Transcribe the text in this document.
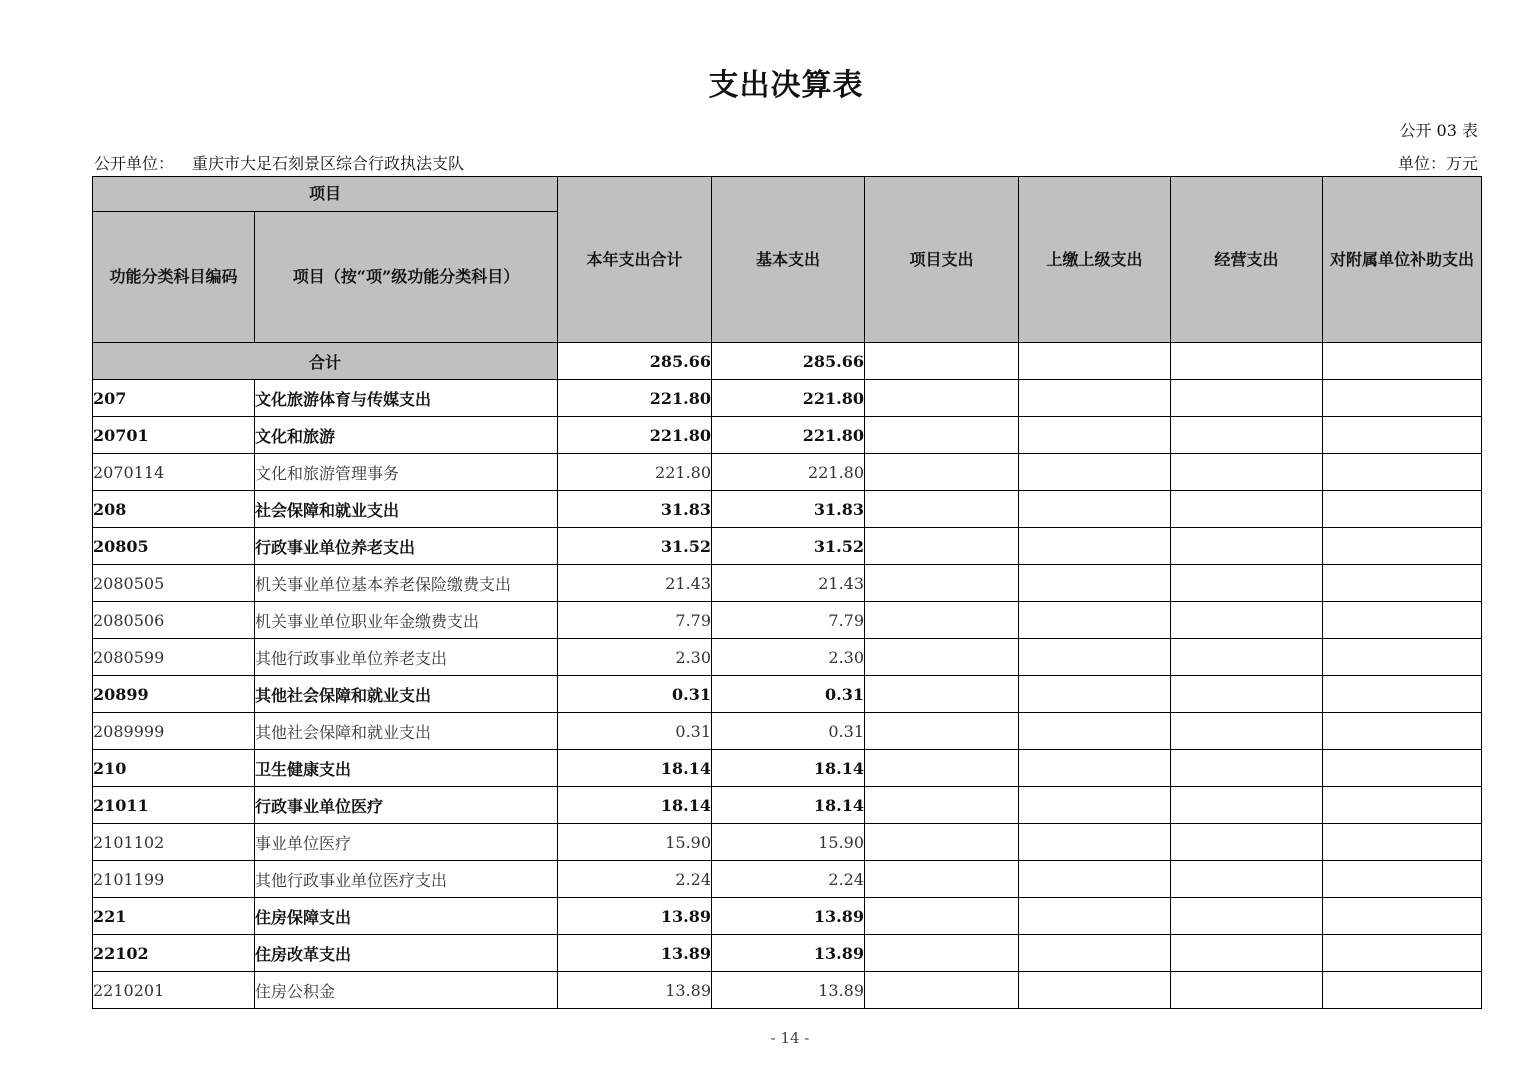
支出决算表
公开 03 表
公开单位： 重庆市大足石刻景区综合行政执法支队	单位：万元
项目		本年支出合计	基本支出	项目支出	上缴上级支出	经营支出	对附属单位补助支出
功能分类科目编码	项目（按“项”级功能分类科目）						
合计		285.66	285.66				
207	文化旅游体育与传媒支出	221.80	221.80				
20701	文化和旅游	221.80	221.80				
2070114	文化和旅游管理事务	221.80	221.80				
208	社会保障和就业支出	31.83	31.83				
20805	行政事业单位养老支出	31.52	31.52				
2080505	机关事业单位基本养老保险缴费支出	21.43	21.43				
2080506	机关事业单位职业年金缴费支出	7.79	7.79				
2080599	其他行政事业单位养老支出	2.30	2.30				
20899	其他社会保障和就业支出	0.31	0.31				
2089999	其他社会保障和就业支出	0.31	0.31				
210	卫生健康支出	18.14	18.14				
21011	行政事业单位医疗	18.14	18.14				
2101102	事业单位医疗	15.90	15.90				
2101199	其他行政事业单位医疗支出	2.24	2.24				
221	住房保障支出	13.89	13.89				
22102	住房改革支出	13.89	13.89				
2210201	住房公积金	13.89	13.89				
- 14 -
